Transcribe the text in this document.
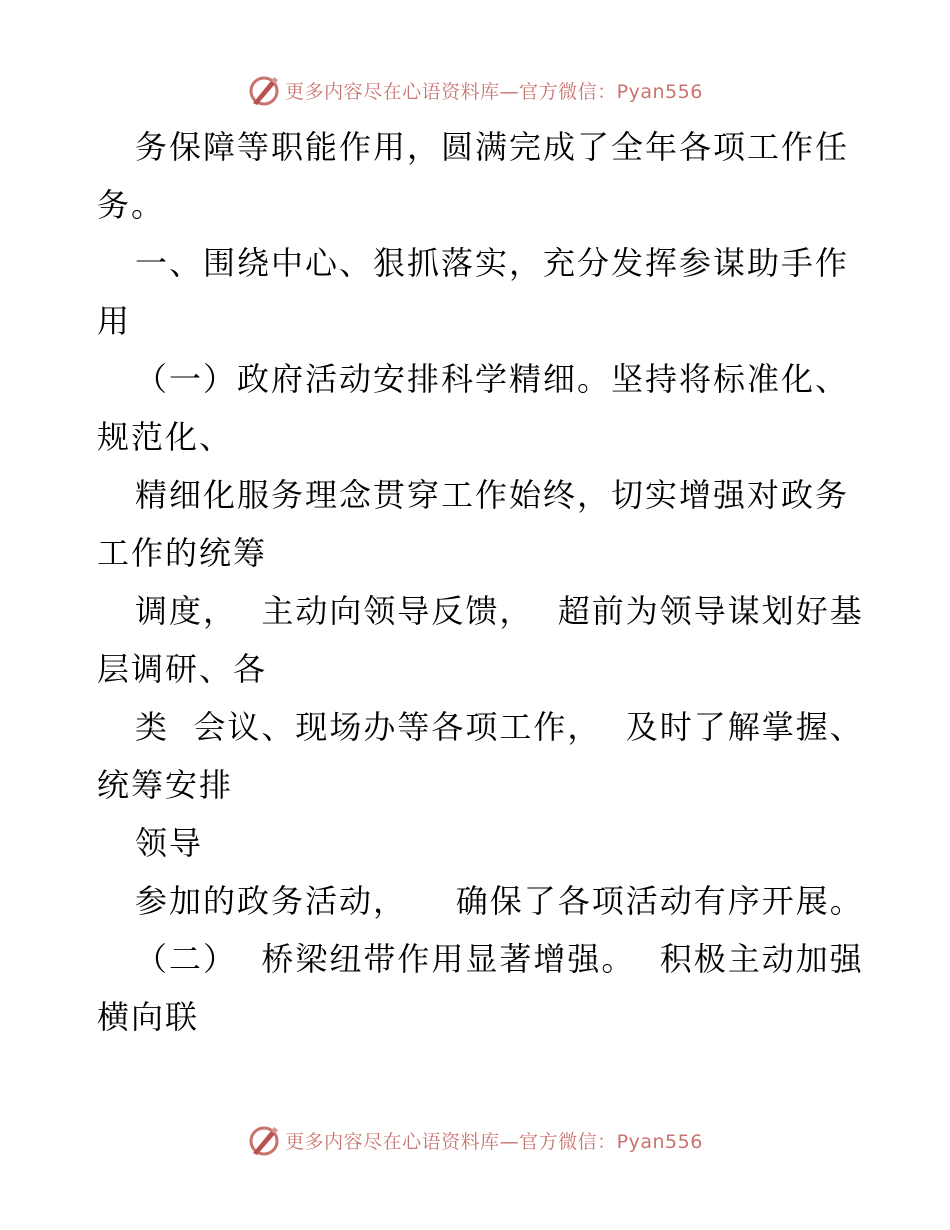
更多内容尽在心语资料库—官方微信：Pyan556
务保障等职能作用，圆满完成了全年各项工作任
务。
一、围绕中心、狠抓落实，充分发挥参谋助手作
用
（一）政府活动安排科学精细。坚持将标准化、
规范化、
精细化服务理念贯穿工作始终，切实增强对政务
工作的统筹
调度，  主动向领导反馈，  超前为领导谋划好基
层调研、各
类  会议、现场办等各项工作，  及时了解掌握、
统筹安排
领导
参加的政务活动，    确保了各项活动有序开展。
（二）  桥梁纽带作用显著增强。  积极主动加强
横向联
更多内容尽在心语资料库—官方微信：Pyan556
